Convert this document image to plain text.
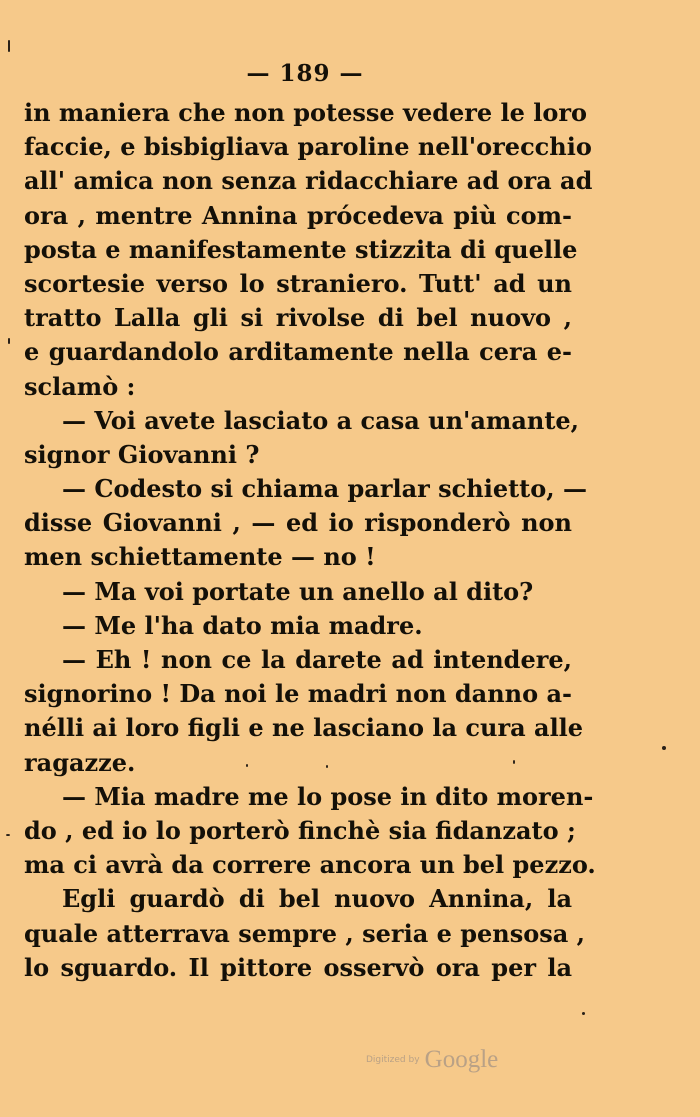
— 189 —
in maniera che non potesse vedere le loro
faccie, e bisbigliava paroline nell'orecchio
all' amica non senza ridacchiare ad ora ad
ora , mentre Annina prócedeva più com-
posta e manifestamente stizzita di quelle
scortesie verso lo straniero. Tutt' ad un
tratto Lalla gli si rivolse di bel nuovo ,
e guardandolo arditamente nella cera e-
sclamò :
— Voi avete lasciato a casa un'amante,
signor Giovanni ?
— Codesto si chiama parlar schietto, —
disse Giovanni , — ed io risponderò non
men schiettamente — no !
— Ma voi portate un anello al dito?
— Me l'ha dato mia madre.
— Eh ! non ce la darete ad intendere,
signorino ! Da noi le madri non danno a-
nélli ai loro figli e ne lasciano la cura alle
ragazze.
— Mia madre me lo pose in dito moren-
do , ed io lo porterò finchè sia fidanzato ;
ma ci avrà da correre ancora un bel pezzo.
Egli guardò di bel nuovo Annina, la
quale atterrava sempre , seria e pensosa ,
lo sguardo. Il pittore osservò ora per la
Digitized by Google
